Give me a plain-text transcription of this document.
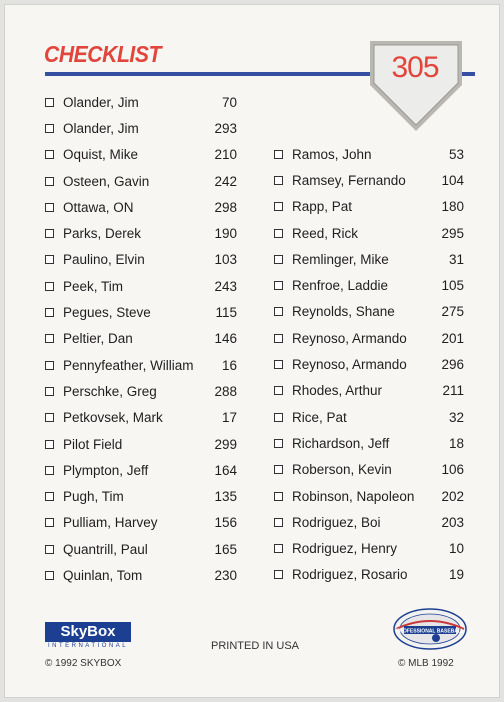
CHECKLIST	305
Olander, Jim	70
Olander, Jim	293
Oquist, Mike	210
Osteen, Gavin	242
Ottawa, ON	298
Parks, Derek	190
Paulino, Elvin	103
Peek, Tim	243
Pegues, Steve	115
Peltier, Dan	146
Pennyfeather, William	16
Perschke, Greg	288
Petkovsek, Mark	17
Pilot Field	299
Plympton, Jeff	164
Pugh, Tim	135
Pulliam, Harvey	156
Quantrill, Paul	165
Quinlan, Tom	230
Ramos, John	53
Ramsey, Fernando	104
Rapp, Pat	180
Reed, Rick	295
Remlinger, Mike	31
Renfroe, Laddie	105
Reynolds, Shane	275
Reynoso, Armando	201
Reynoso, Armando	296
Rhodes, Arthur	211
Rice, Pat	32
Richardson, Jeff	18
Roberson, Kevin	106
Robinson, Napoleon	202
Rodriguez, Boi	203
Rodriguez, Henry	10
Rodriguez, Rosario	19
SkyBox
INTERNATIONAL
© 1992 SKYBOX
PRINTED IN USA
PROFESSIONAL BASEBALL
© MLB 1992
